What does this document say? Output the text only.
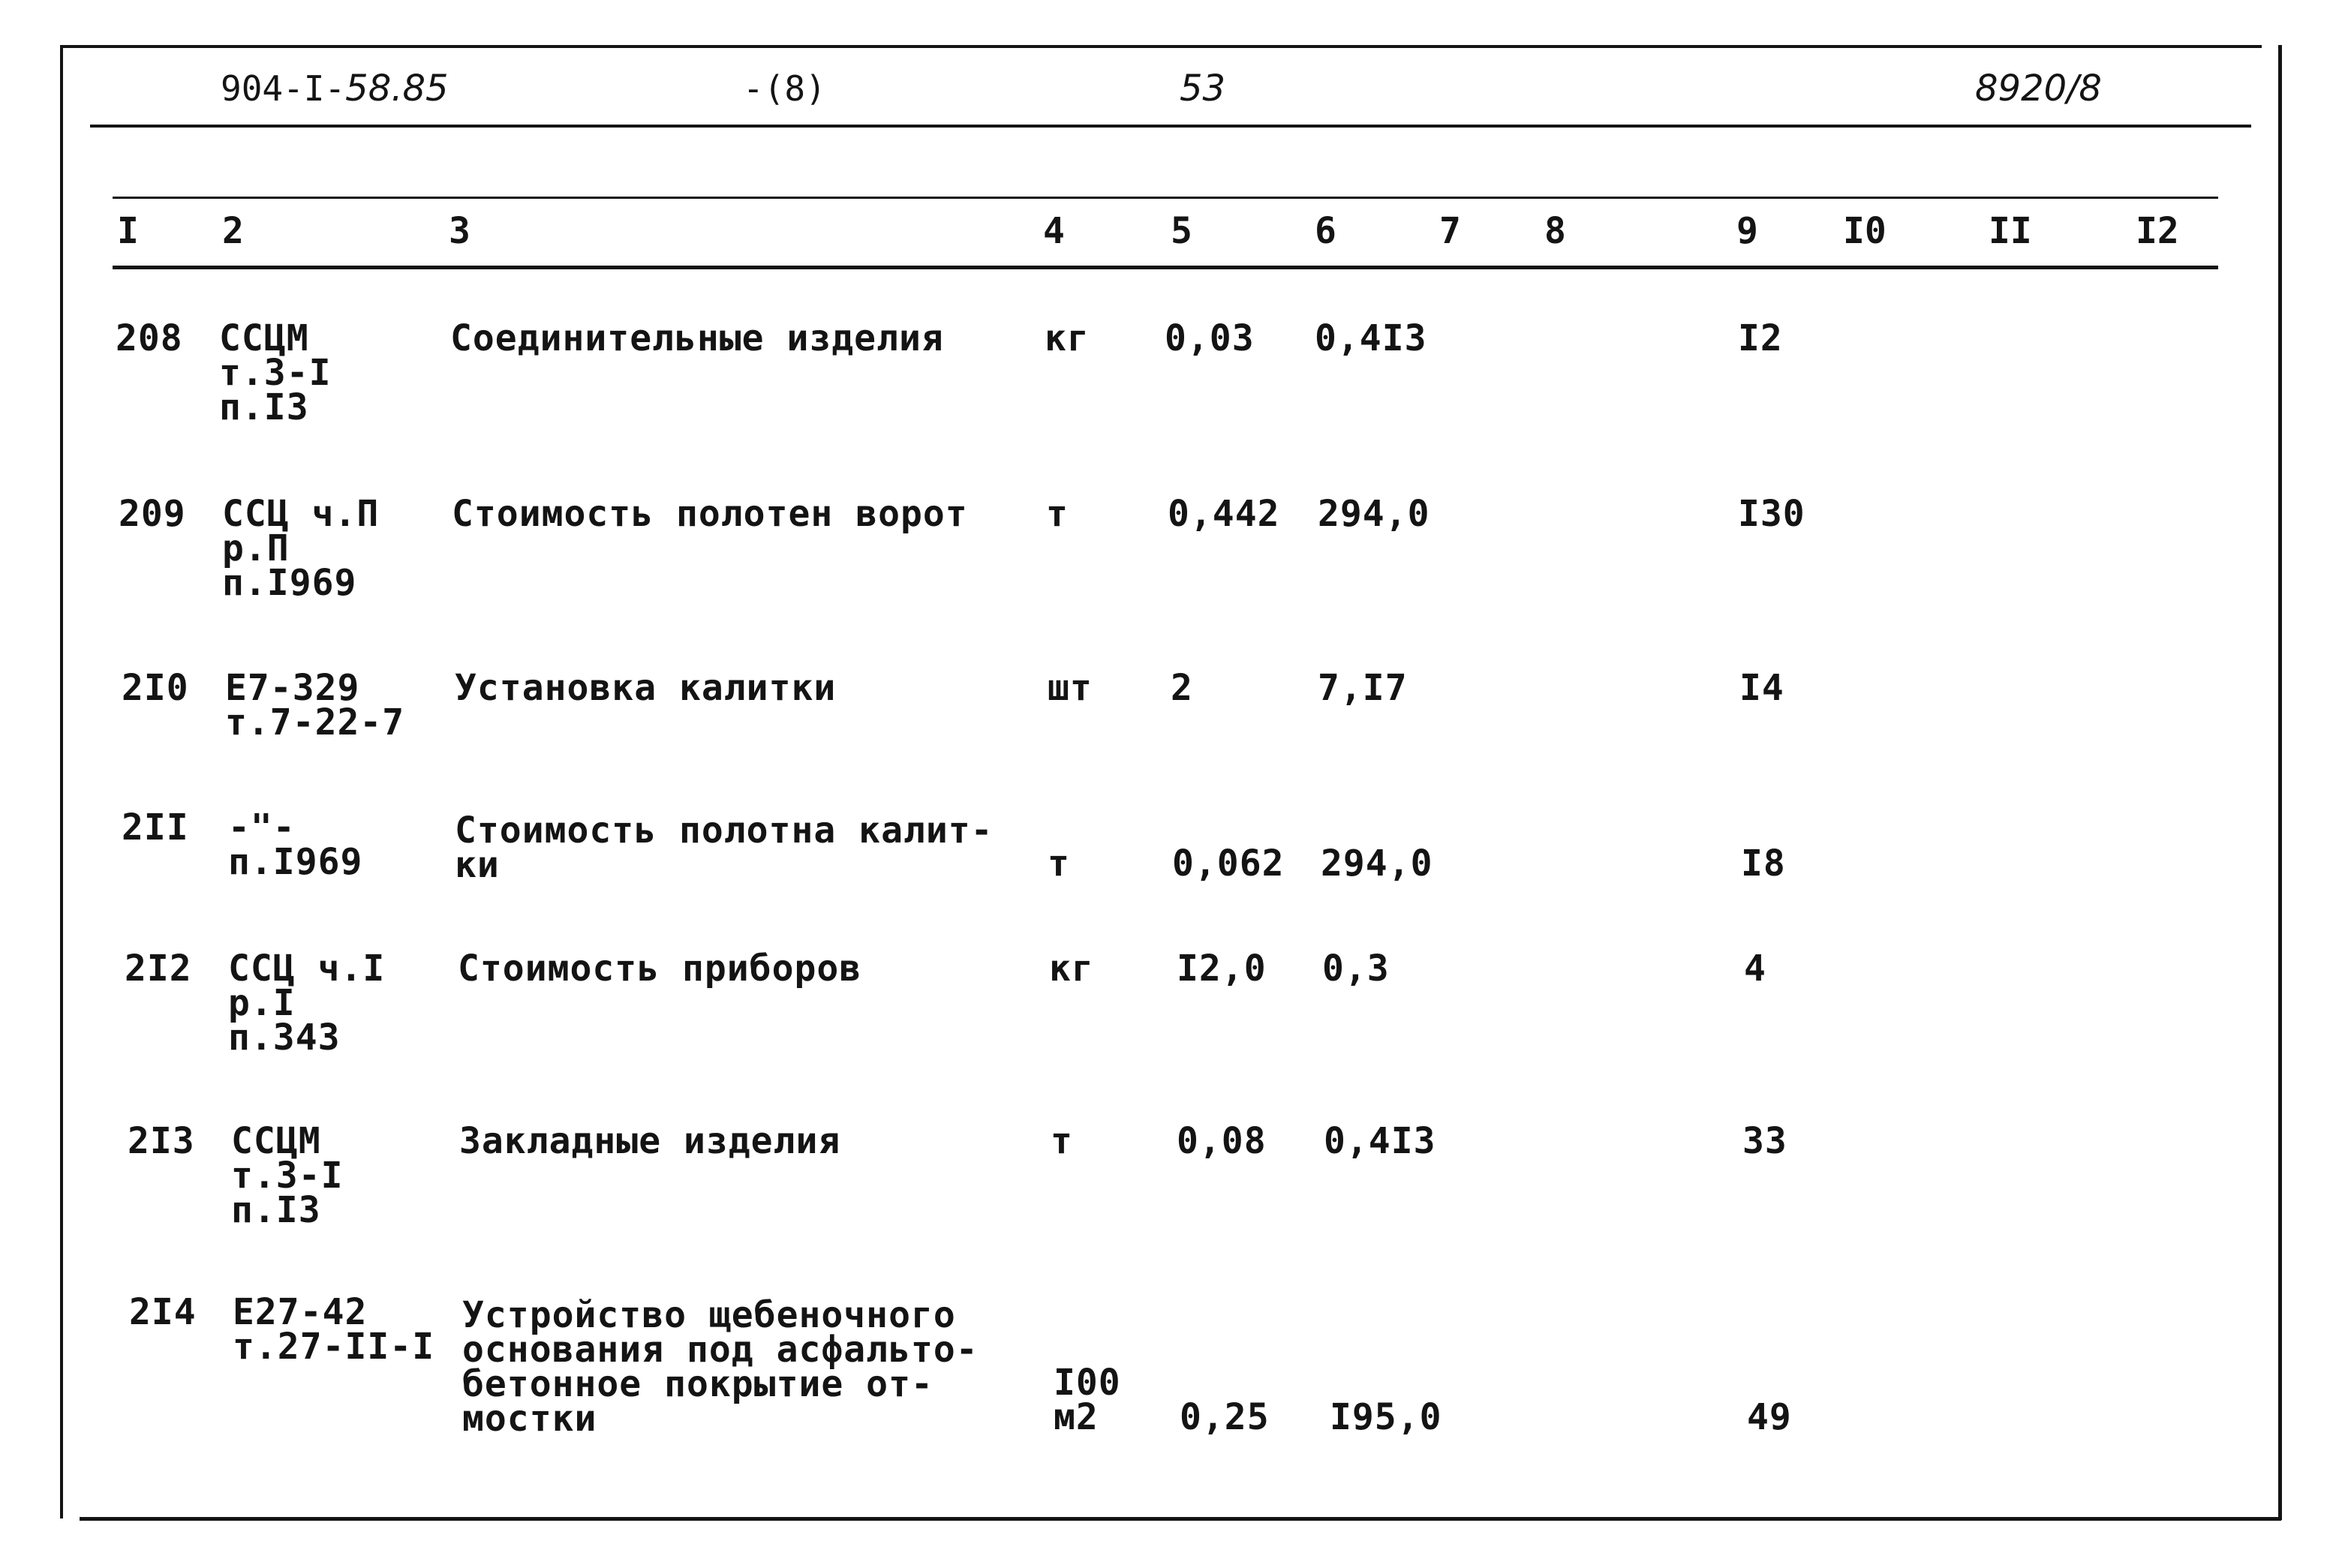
904-I-58.85	-(8)	53	8920/8
I 2	3	4	5	6	7 8	9 I0	II	I2
208 ССЦМ
т.3-I
п.I3
Соединительные изделия	кг 0,03 0,4I3	I2
209 ССЦ ч.П
р.П
п.I969
Стоимость полотен ворот т	0,442 294,0	I30
2I0 Е7-329
т.7-22-7
Установка калитки	шт 2	7,I7	I4
2II -"-
п.I969
Стоимость полотна калит-
ки	т	0,062 294,0	I8
2I2 ССЦ ч.I
р.I
п.343
Стоимость приборов	кг I2,0 0,3	4
2I3 ССЦМ
т.3-I
п.I3
Закладные изделия	т	0,08 0,4I3	33
2I4 Е27-42
т.27-II-I
Устройство щебеночного
основания под асфальто-
бетонное покрытие от-
мостки
I00
м2	0,25 I95,0	49
